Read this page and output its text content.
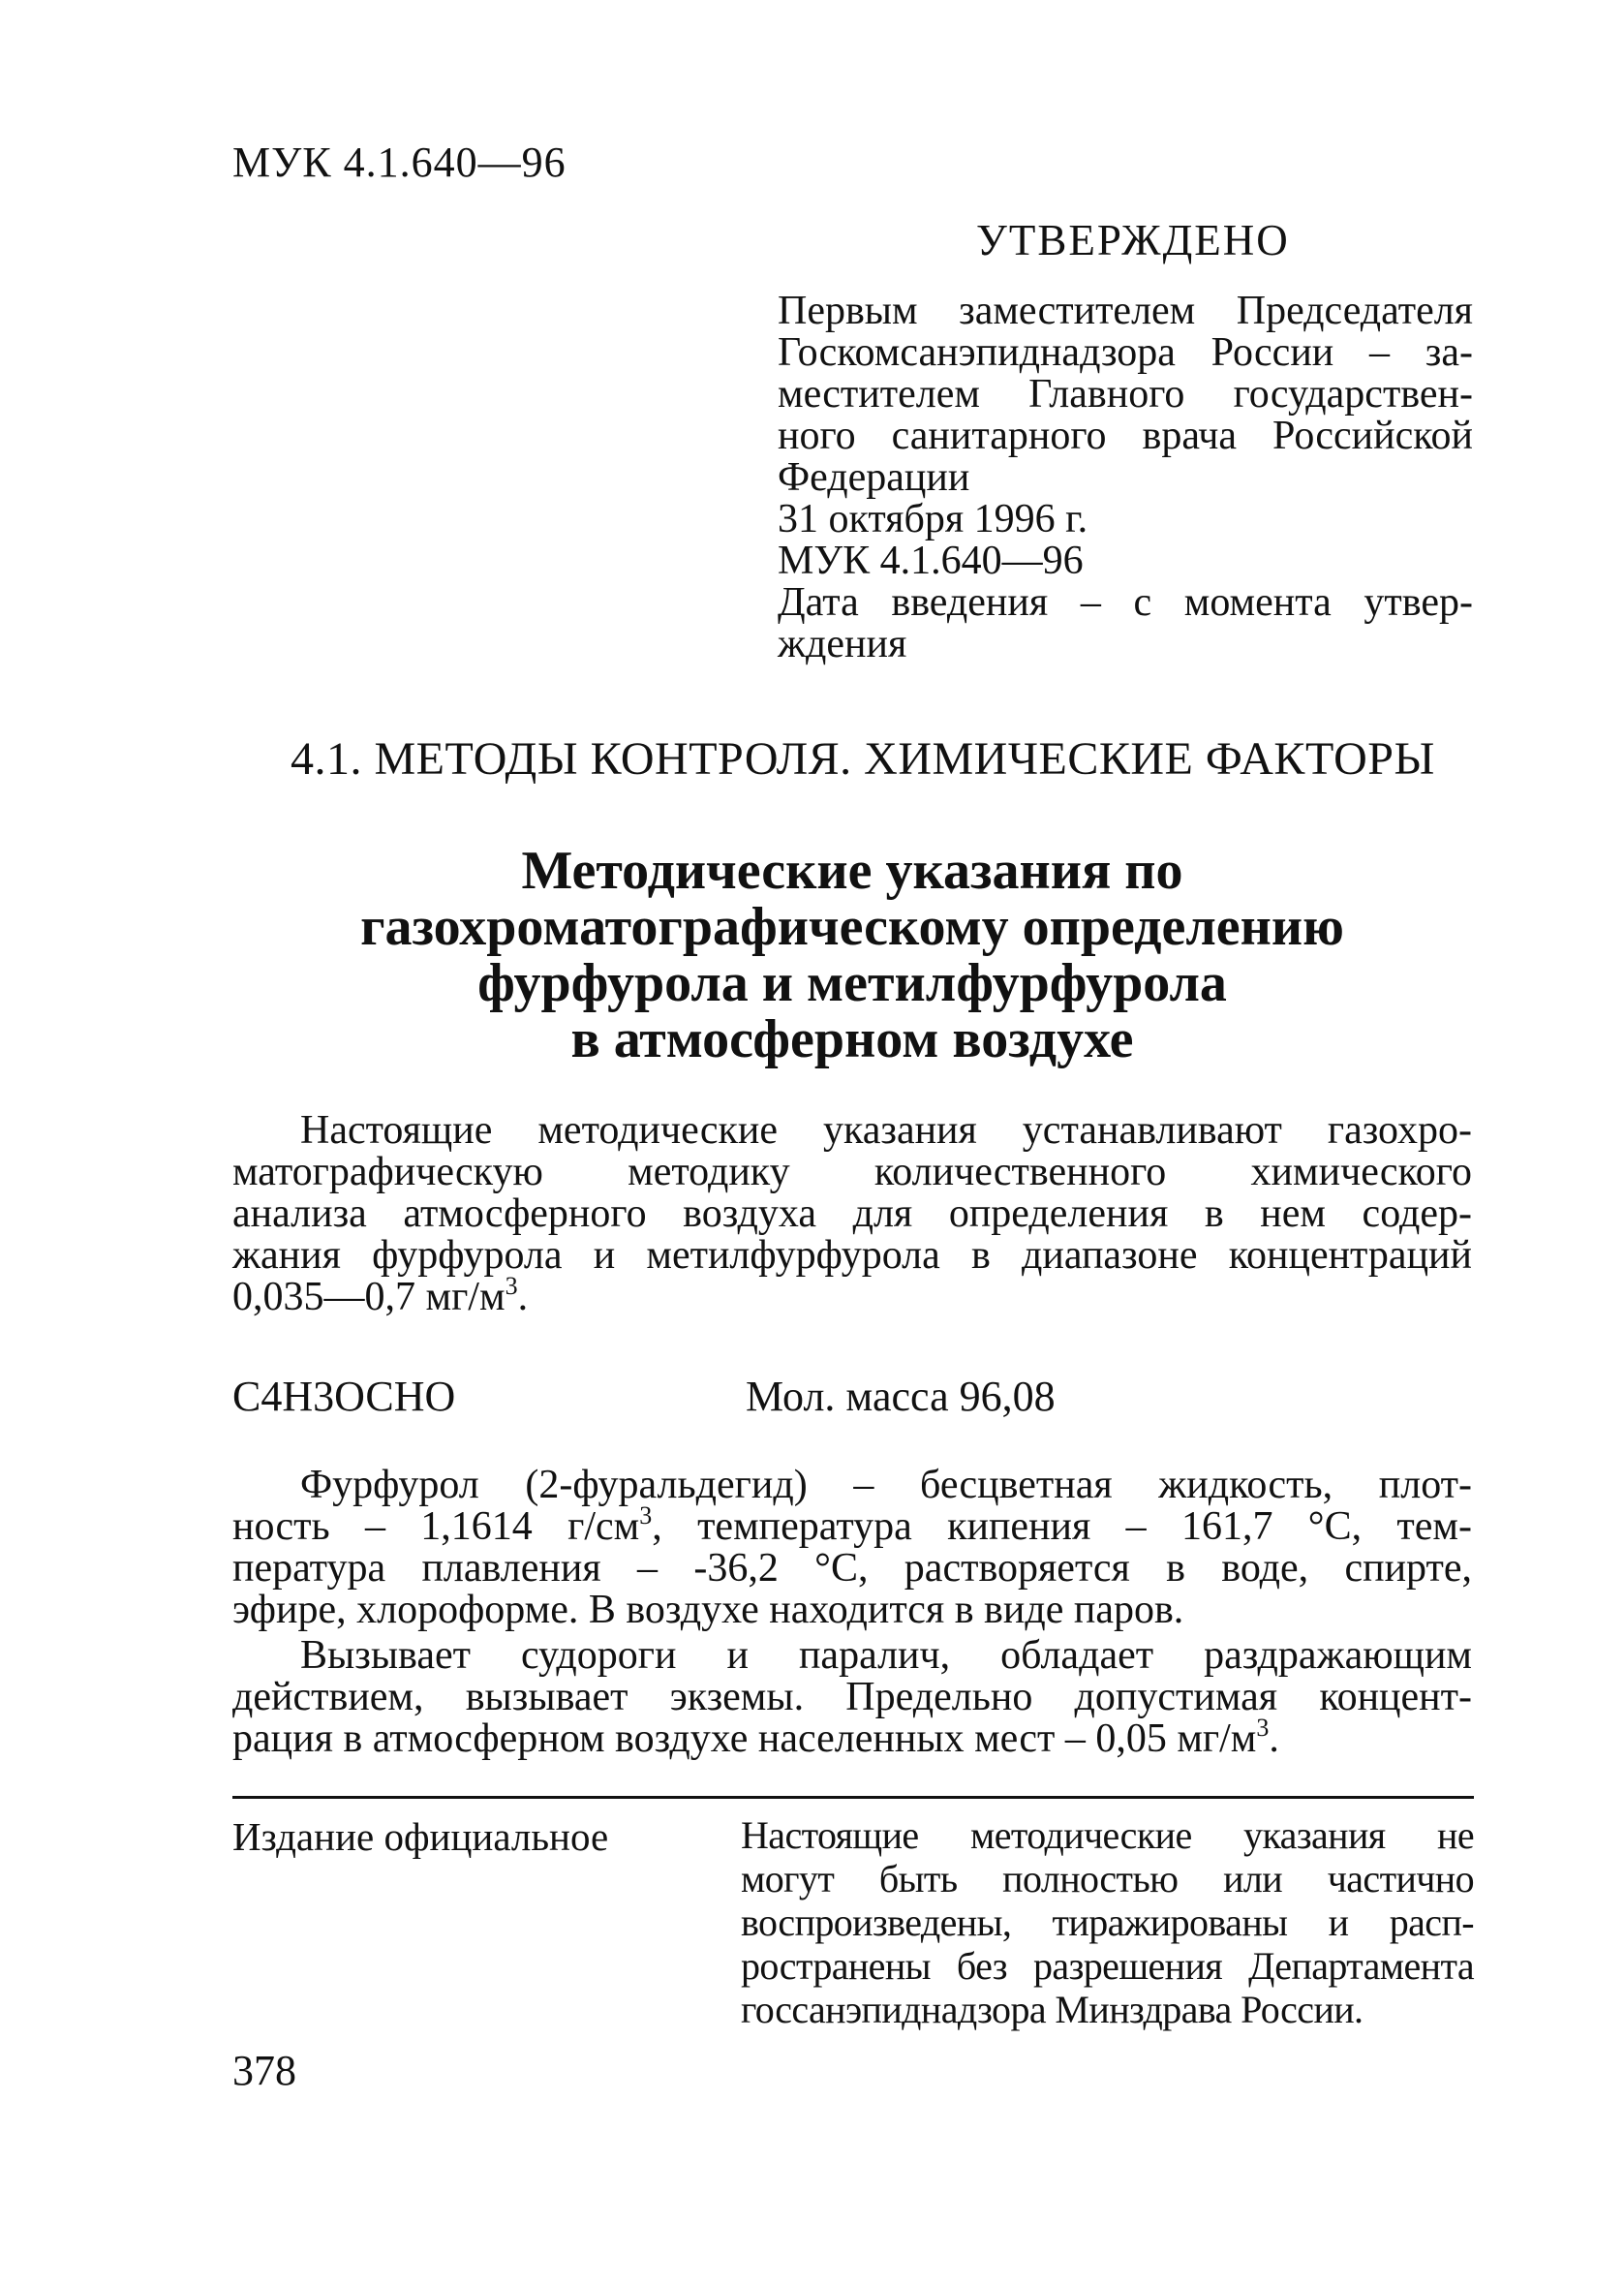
МУК 4.1.640—96
УТВЕРЖДЕНО
Первым заместителем Председателя
Госкомсанэпиднадзора России – за-
местителем Главного государствен-
ного санитарного врача Российской
Федерации
31 октября 1996 г.
МУК 4.1.640—96
Дата введения – с момента утвер-
ждения
4.1. МЕТОДЫ КОНТРОЛЯ. ХИМИЧЕСКИЕ ФАКТОРЫ
Методические указания по
газохроматографическому определению
фурфурола и метилфурфурола
в атмосферном воздухе
Настоящие методические указания устанавливают газохро-
матографическую методику количественного химического
анализа атмосферного воздуха для определения в нем содер-
жания фурфурола и метилфурфурола в диапазоне концентраций
0,035—0,7 $мг/м^3$.
С4Н3ОСНО	Мол. масса 96,08
Фурфурол (2-фуральдегид) – бесцветная жидкость, плот-
ность – 1,1614 $г/см^3$, температура кипения – 161,7 °С, тем-
пература плавления – -36,2 °С, растворяется в воде, спирте,
эфире, хлороформе. В воздухе находится в виде паров.
Вызывает судороги и паралич, обладает раздражающим
действием, вызывает экземы. Предельно допустимая концент-
рация в атмосферном воздухе населенных мест – 0,05 $мг/м^3$.
Издание официальное	Настоящие методические указания не
могут быть полностью или частично
воспроизведены, тиражированы и расп-
ространены без разрешения Департамента
госсанэпиднадзора Минздрава России.
378
